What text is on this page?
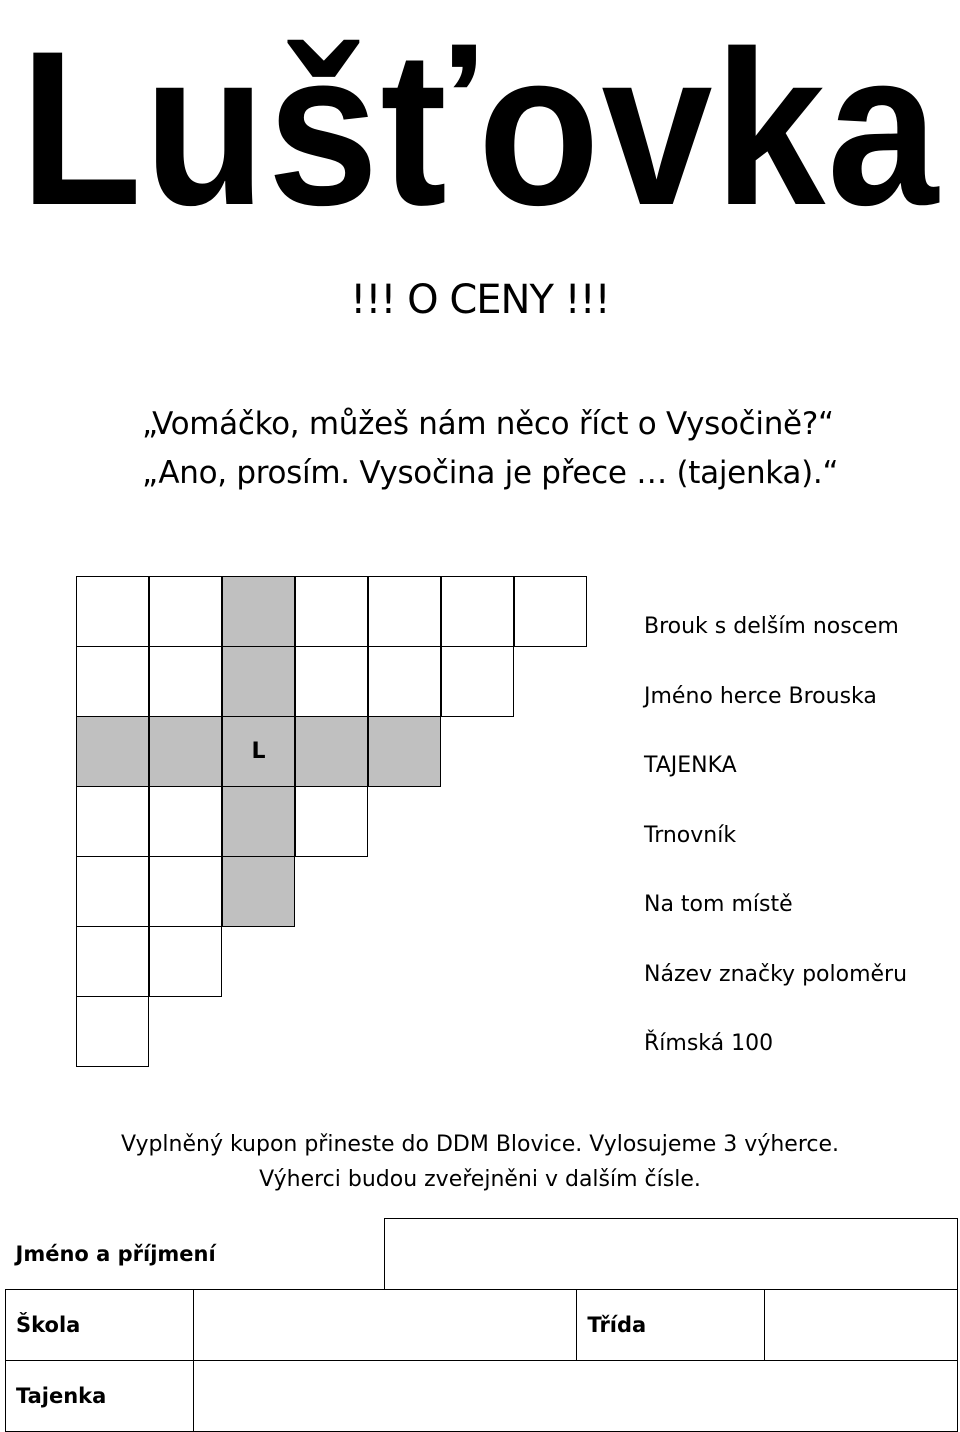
Lušťovka
!!! O CENY !!!
„Vomáčko, můžeš nám něco říct o Vysočině?“
„Ano, prosím. Vysočina je přece … (tajenka).“
L
Brouk s delším noscem
Jméno herce Brouska
TAJENKA
Trnovník
Na tom místě
Název značky poloměru
Římská 100
Vyplněný kupon přineste do DDM Blovice. Vylosujeme 3 výherce.
Výherci budou zveřejněni v dalším čísle.
Jméno a příjmení				

Škola			Třída	

Tajenka				
